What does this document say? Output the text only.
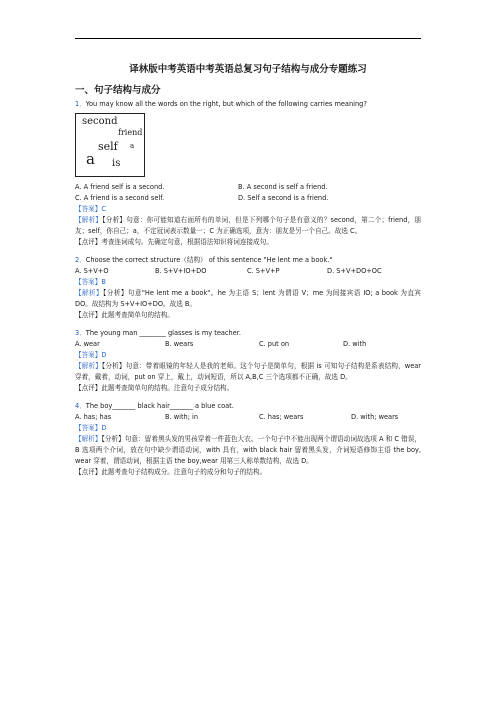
译林版中考英语中考英语总复习句子结构与成分专题练习
一、句子结构与成分

1．You may know all the words on the right, but which of the following carries meaning?

second
friend
self a
a is
A. A friend self is a second.	B. A second is self a friend.
C. A friend is a second self.	D. Self a second is a friend.

【答案】C

【解析】【分析】句意：你可能知道右面所有的单词，但是下列哪个句子是有意义的？second，第二个；friend，朋友；self，你自己；a，不定冠词表示数量一；C 为正确选项，意为：朋友是另一个自己。故选 C。

【点评】考查连词成句。先确定句意，根据语法知识将词连接成句。

2．Choose the correct structure（结构） of this sentence "He lent me a book."

A. S+V+O	B. S+V+IO+DO	C. S+V+P	D. S+V+DO+OC

【答案】B

【解析】【分析】句意"He lent me a book"。he 为主语 S；lent 为谓语 V；me 为间接宾语 IO; a book 为直宾 DO。故结构为 S+V+IO+DO。故选 B。

【点评】此题考查简单句的结构。

3．The young man ________ glasses is my teacher.

A. wear	B. wears	C. put on	D. with

【答案】D

【解析】【分析】句意：带着眼镜的年轻人是我的老师。这个句子是简单句，根据 is 可知句子结构是系表结构，wear 穿着，戴着，动词，put on 穿上，戴上，动词短语，所以 A,B,C 三个选项都不正确，故选 D。

【点评】此题考查简单句的结构。注意句子成分结构。

4．The boy_______ black hair_______ a blue coat.

A. has; has	B. with; in	C. has; wears	D. with; wears

【答案】D

【解析】【分析】句意：留着黑头发的男孩穿着一件蓝色大衣。一个句子中不能出现两个谓语动词故选项 A 和 C 错误，B 选项两个介词，放在句中缺少谓语动词，with 具有，with black hair 留着黑头发，介词短语修饰主语 the boy, wear 穿着，谓语动词，根据主语 the boy,wear 用第三人称单数结构，故选 D。

【点评】此题考查句子结构成分。注意句子的成分和句子的结构。
